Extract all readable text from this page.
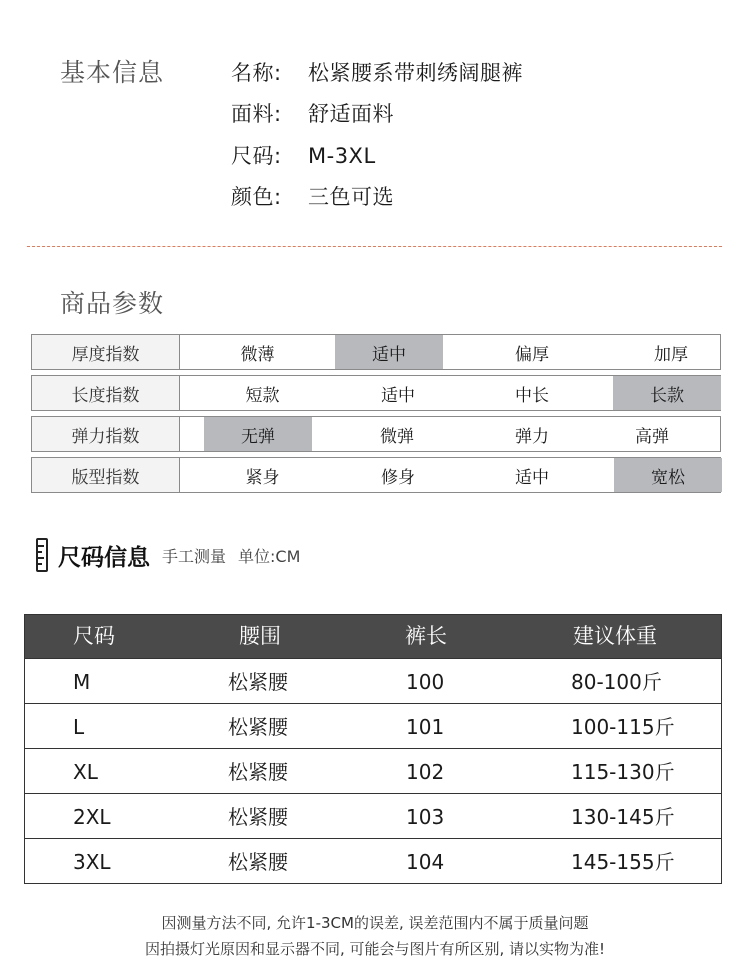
基本信息	名称: 松紧腰系带刺绣阔腿裤
面料: 舒适面料
尺码: M-3XL
颜色: 三色可选
商品参数
厚度指数	微薄	适中	偏厚	加厚
长度指数	短款	适中	中长	长款
弹力指数	无弹	微弹	弹力	高弹
版型指数	紧身	修身	适中	宽松
尺码信息 手工测量 单位:CM
尺码	腰围	裤长	建议体重
M	松紧腰	100	80-100斤
L	松紧腰	101	100-115斤
XL	松紧腰	102	115-130斤
2XL	松紧腰	103	130-145斤
3XL	松紧腰	104	145-155斤
因测量方法不同, 允许1-3CM的误差, 误差范围内不属于质量问题
因拍摄灯光原因和显示器不同, 可能会与图片有所区别, 请以实物为准!
